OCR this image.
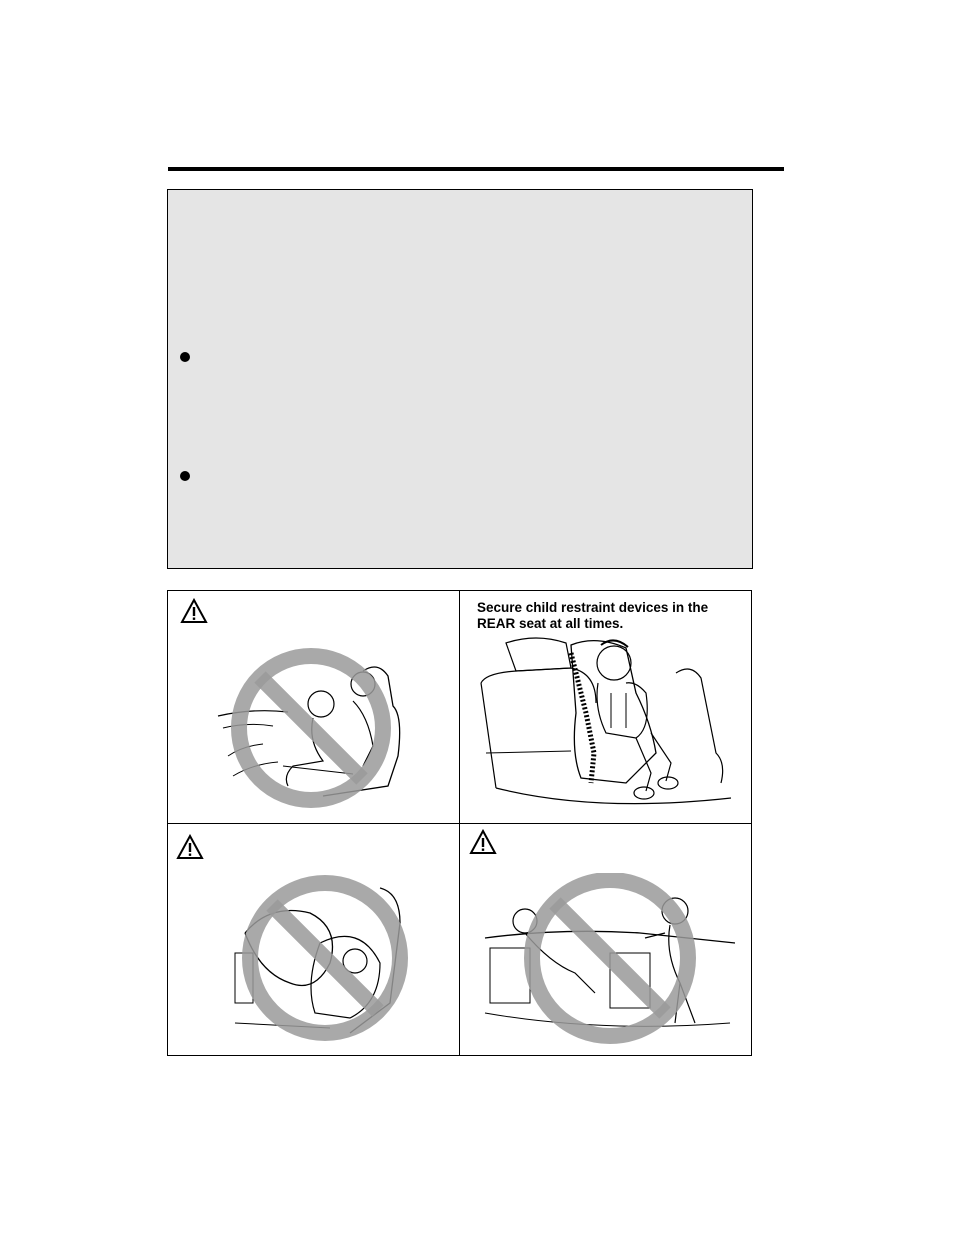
Secure child restraint devices in the REAR seat at all times.
